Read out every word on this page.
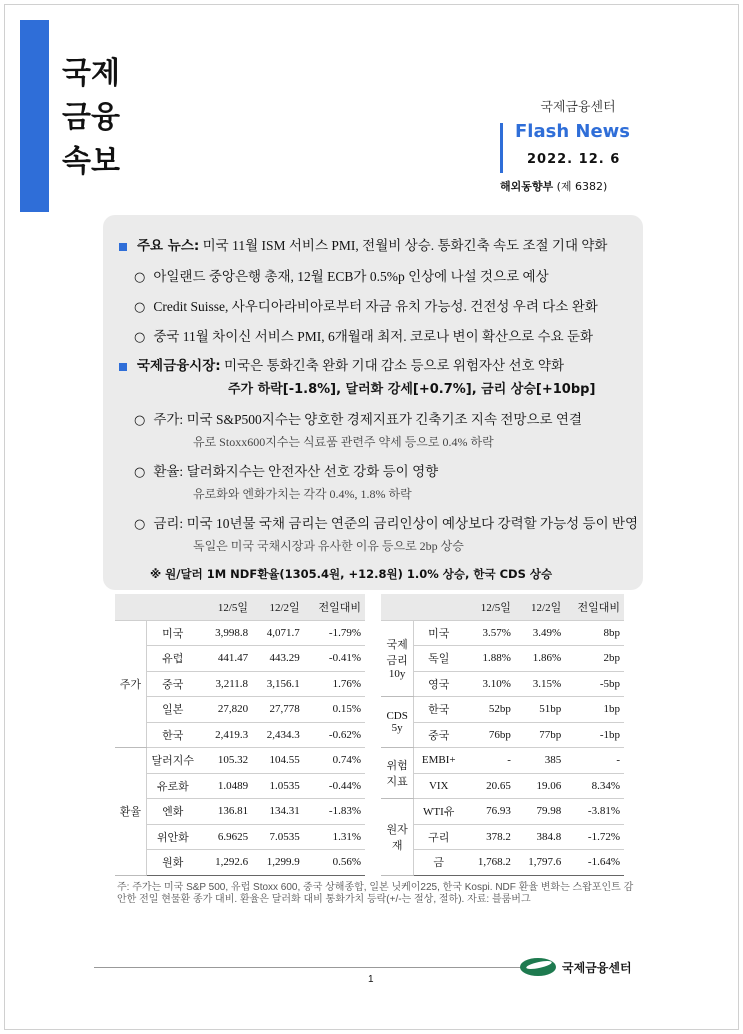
국제
금융
속보
국제금융센터
Flash News
2022. 12. 6
해외동향부 (제 6382)
주요 뉴스: 미국 11월 ISM 서비스 PMI, 전월비 상승. 통화긴축 속도 조절 기대 약화
○ 아일랜드 중앙은행 총재, 12월 ECB가 0.5%p 인상에 나설 것으로 예상
○ Credit Suisse, 사우디아라비아로부터 자금 유치 가능성. 건전성 우려 다소 완화
○ 중국 11월 차이신 서비스 PMI, 6개월래 최저. 코로나 변이 확산으로 수요 둔화
국제금융시장: 미국은 통화긴축 완화 기대 감소 등으로 위험자산 선호 약화
주가 하락[-1.8%], 달러화 강세[+0.7%], 금리 상승[+10bp]
○ 주가: 미국 S&P500지수는 양호한 경제지표가 긴축기조 지속 전망으로 연결
유로 Stoxx600지수는 식료품 관련주 약세 등으로 0.4% 하락
○ 환율: 달러화지수는 안전자산 선호 강화 등이 영향
유로화와 엔화가치는 각각 0.4%, 1.8% 하락
○ 금리: 미국 10년물 국채 금리는 연준의 금리인상이 예상보다 강력할 가능성 등이 반영
독일은 미국 국채시장과 유사한 이유 등으로 2bp 상승
※ 원/달러 1M NDF환율(1305.4원, +12.8원) 1.0% 상승, 한국 CDS 상승
		12/5일	12/2일	전일대비
주가	미국	3,998.8	4,071.7	-1.79%
	유럽	441.47	443.29	-0.41%
	중국	3,211.8	3,156.1	1.76%
	일본	27,820	27,778	0.15%
	한국	2,419.3	2,434.3	-0.62%
환율	달러지수	105.32	104.55	0.74%
	유로화	1.0489	1.0535	-0.44%
	엔화	136.81	134.31	-1.83%
	위안화	6.9625	7.0535	1.31%
	원화	1,292.6	1,299.9	0.56%
		12/5일	12/2일	전일대비
국제
금리
10y	미국	3.57%	3.49%	8bp
	독일	1.88%	1.86%	2bp
	영국	3.10%	3.15%	-5bp
CDS
5y	한국	52bp	51bp	1bp
	중국	76bp	77bp	-1bp
위험
지표	EMBI+	-	385	-
	VIX	20.65	19.06	8.34%
원자재	WTI유	76.93	79.98	-3.81%
	구리	378.2	384.8	-1.72%
	금	1,768.2	1,797.6	-1.64%
주: 주가는 미국 S&P 500, 유럽 Stoxx 600, 중국 상해종합, 일본 닛케이225, 한국 Kospi. NDF 환율 변화는 스왑포인트 감안한 전일 현물환 종가 대비. 환율은 달러화 대비 통화가치 등락(+/-는 절상, 절하). 자료: 블룸버그
1
국제금융센터
